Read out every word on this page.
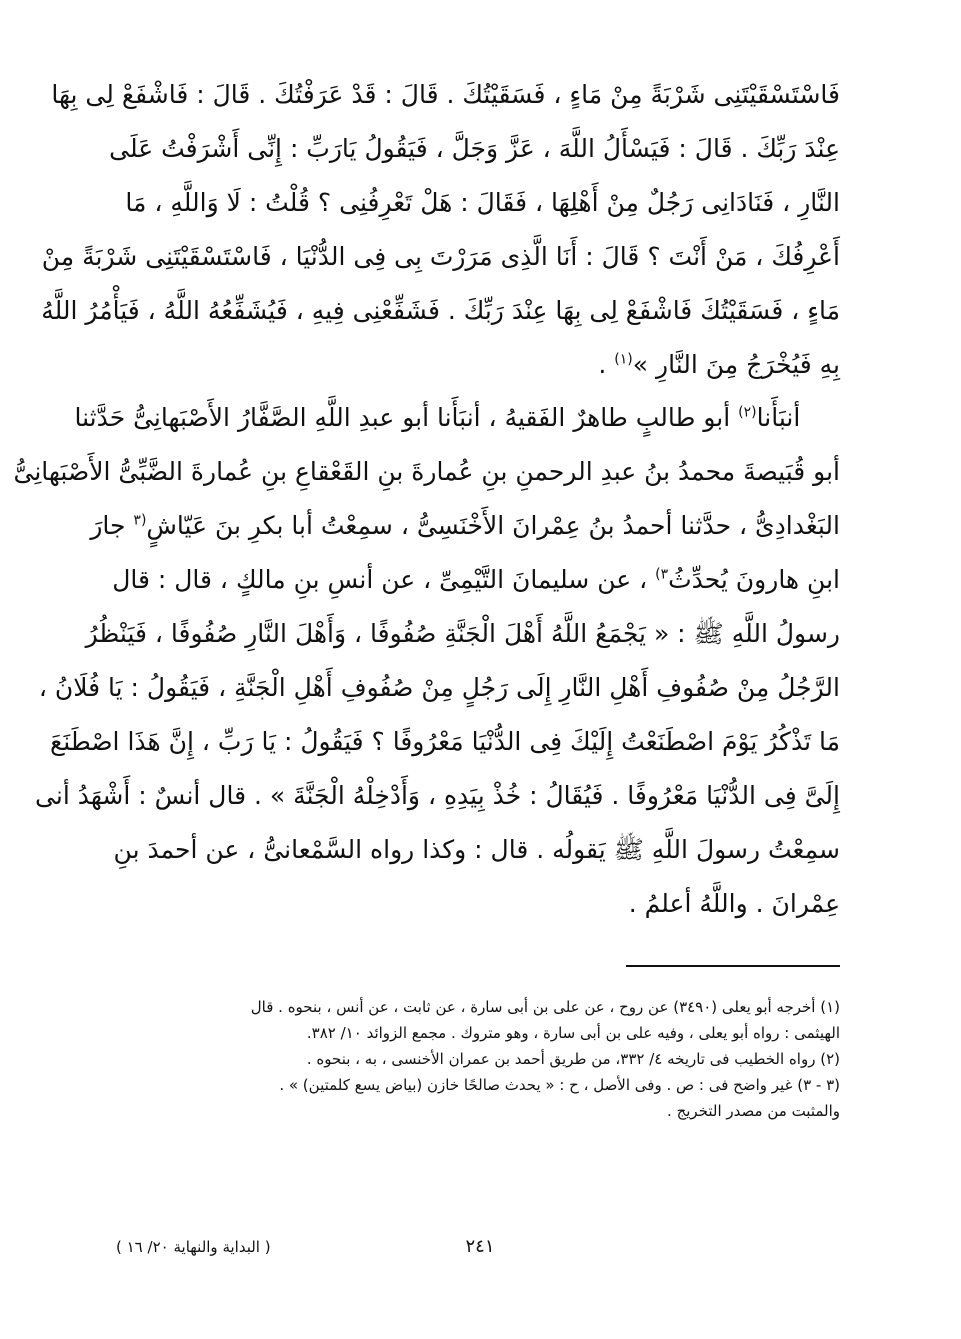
فَاسْتَسْقَيْتَنِى شَرْبَةً مِنْ مَاءٍ ، فَسَقَيْتُكَ . قَالَ : قَدْ عَرَفْتُكَ . قَالَ : فَاشْفَعْ لِى بِهَا
عِنْدَ رَبِّكَ . قَالَ : فَيَسْأَلُ اللَّهَ ، عَزَّ وَجَلَّ ، فَيَقُولُ يَارَبِّ : إِنِّى أَشْرَفْتُ عَلَى
النَّارِ ، فَنَادَانِى رَجُلٌ مِنْ أَهْلِهَا ، فَقَالَ : هَلْ تَعْرِفُنِى ؟ قُلْتُ : لَا وَاللَّهِ ، مَا
أَعْرِفُكَ ، مَنْ أَنْتَ ؟ قَالَ : أَنَا الَّذِى مَرَرْتَ بِى فِى الدُّنْيَا ، فَاسْتَسْقَيْتَنِى شَرْبَةً مِنْ
مَاءٍ ، فَسَقَيْتُكَ فَاشْفَعْ لِى بِهَا عِنْدَ رَبِّكَ . فَشَفِّعْنِى فِيهِ ، فَيُشَفِّعُهُ اللَّهُ ، فَيَأْمُرُ اللَّهُ
بِهِ فَيُخْرَجُ مِنَ النَّارِ »$^{(١)}$ .
أنبَأَنا$^{(٢)}$ أبو طالبٍ طاهرٌ الفَقيهُ ، أنبَأَنا أبو عبدِ اللَّهِ الصَّفَّارُ الأَصْبَهانِىُّ حَدَّثنا
أبو قُبَيصةَ محمدُ بنُ عبدِ الرحمنِ بنِ عُمارةَ بنِ القَعْقاعِ بنِ عُمارةَ الضَّبِّىُّ الأَصْبَهانِىُّ
البَغْدادِىُّ ، حدَّثنا أحمدُ بنُ عِمْرانَ الأَخْنَسِىُّ ، سمِعْتُ أبا بكرِ بنَ عَيّاشٍ$^{(٣}$ جارَ
ابنِ هارونَ يُحدِّثُ$^{٣)}$ ، عن سليمانَ التَّيْمِىِّ ، عن أنسِ بنِ مالكٍ ، قال : قال
رسولُ اللَّهِ ﷺ : « يَجْمَعُ اللَّهُ أَهْلَ الْجَنَّةِ صُفُوفًا ، وَأَهْلَ النَّارِ صُفُوفًا ، فَيَنْظُرُ
الرَّجُلُ مِنْ صُفُوفِ أَهْلِ النَّارِ إِلَى رَجُلٍ مِنْ صُفُوفِ أَهْلِ الْجَنَّةِ ، فَيَقُولُ : يَا فُلَانُ ،
مَا تَذْكُرُ يَوْمَ اصْطَنَعْتُ إِلَيْكَ فِى الدُّنْيَا مَعْرُوفًا ؟ فَيَقُولُ : يَا رَبِّ ، إِنَّ هَذَا اصْطَنَعَ
إِلَىَّ فِى الدُّنْيَا مَعْرُوفًا . فَيُقَالُ : خُذْ بِيَدِهِ ، وَأَدْخِلْهُ الْجَنَّةَ » . قال أنسٌ : أَشْهَدُ أنى
سمِعْتُ رسولَ اللَّهِ ﷺ يَقولُه . قال : وكذا رواه السَّمْعانىُّ ، عن أحمدَ بنِ
عِمْرانَ . واللَّهُ أعلمُ .
(١) أخرجه أبو يعلى (٣٤٩٠) عن روح ، عن على بن أبى سارة ، عن ثابت ، عن أنس ، بنحوه . قال
الهيثمى : رواه أبو يعلى ، وفيه على بن أبى سارة ، وهو متروك . مجمع الزوائد ١٠/ ٣٨٢.
(٢) رواه الخطيب فى تاريخه ٤/ ٣٣٢، من طريق أحمد بن عمران الأخنسى ، به ، بنحوه .
(٣ - ٣) غير واضح فى : ص . وفى الأصل ، ح : « يحدث صالحًا خازن (بياض يسع كلمتين) » .
والمثبت من مصدر التخريج .
٢٤١
( البداية والنهاية ٢٠/ ١٦ )
